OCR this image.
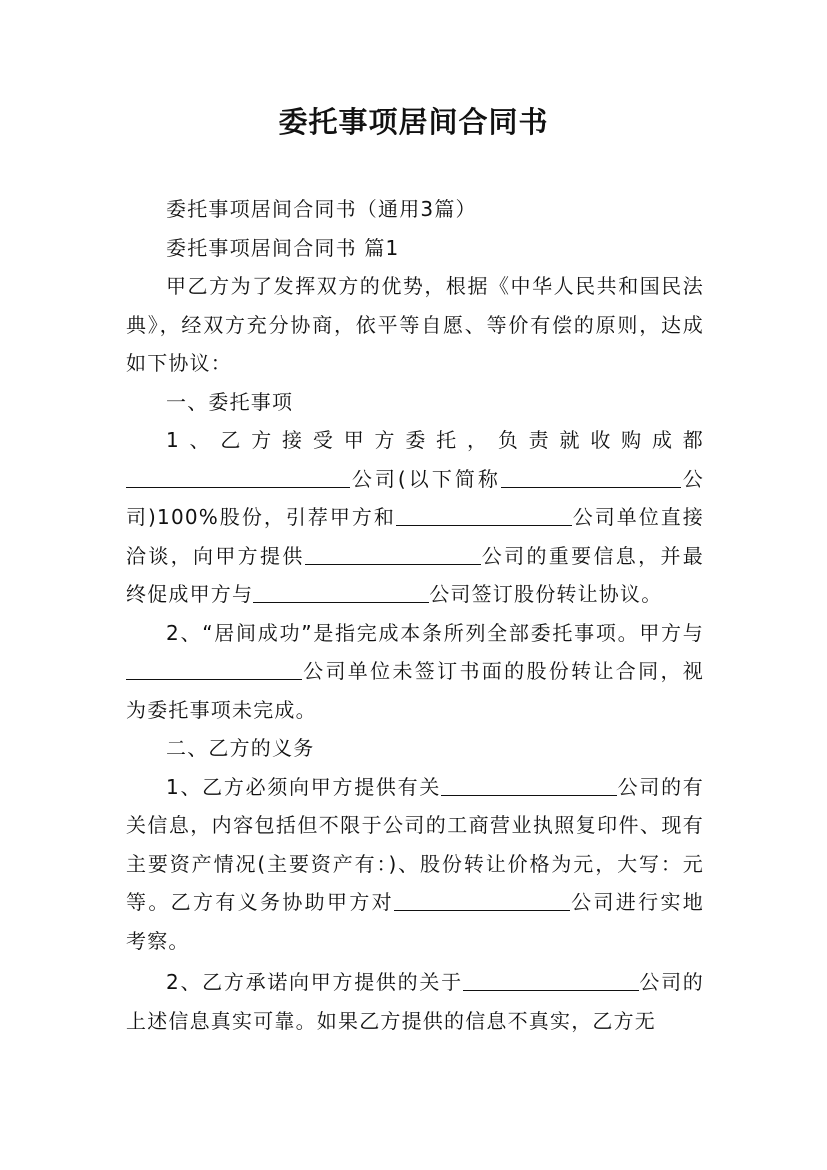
委托事项居间合同书

委托事项居间合同书（通用3篇）

委托事项居间合同书 篇1

甲乙方为了发挥双方的优势，根据《中华人民共和国民法典》，经双方充分协商，依平等自愿、等价有偿的原则，达成如下协议：

一、委托事项

1、乙方接受甲方委托，负责就收购成都公司(以下简称	公司)100%股份，引荐甲方和	公司单位直接洽谈，向甲方提供	公司的重要信息，并最终促成甲方与	公司签订股份转让协议。

2、“居间成功”是指完成本条所列全部委托事项。甲方与公司单位未签订书面的股份转让合同，视为委托事项未完成。

二、乙方的义务

1、乙方必须向甲方提供有关	公司的有关信息，内容包括但不限于公司的工商营业执照复印件、现有主要资产情况(主要资产有：)、股份转让价格为元，大写：元等。乙方有义务协助甲方对	公司进行实地考察。

2、乙方承诺向甲方提供的关于	公司的上述信息真实可靠。如果乙方提供的信息不真实，乙方无
